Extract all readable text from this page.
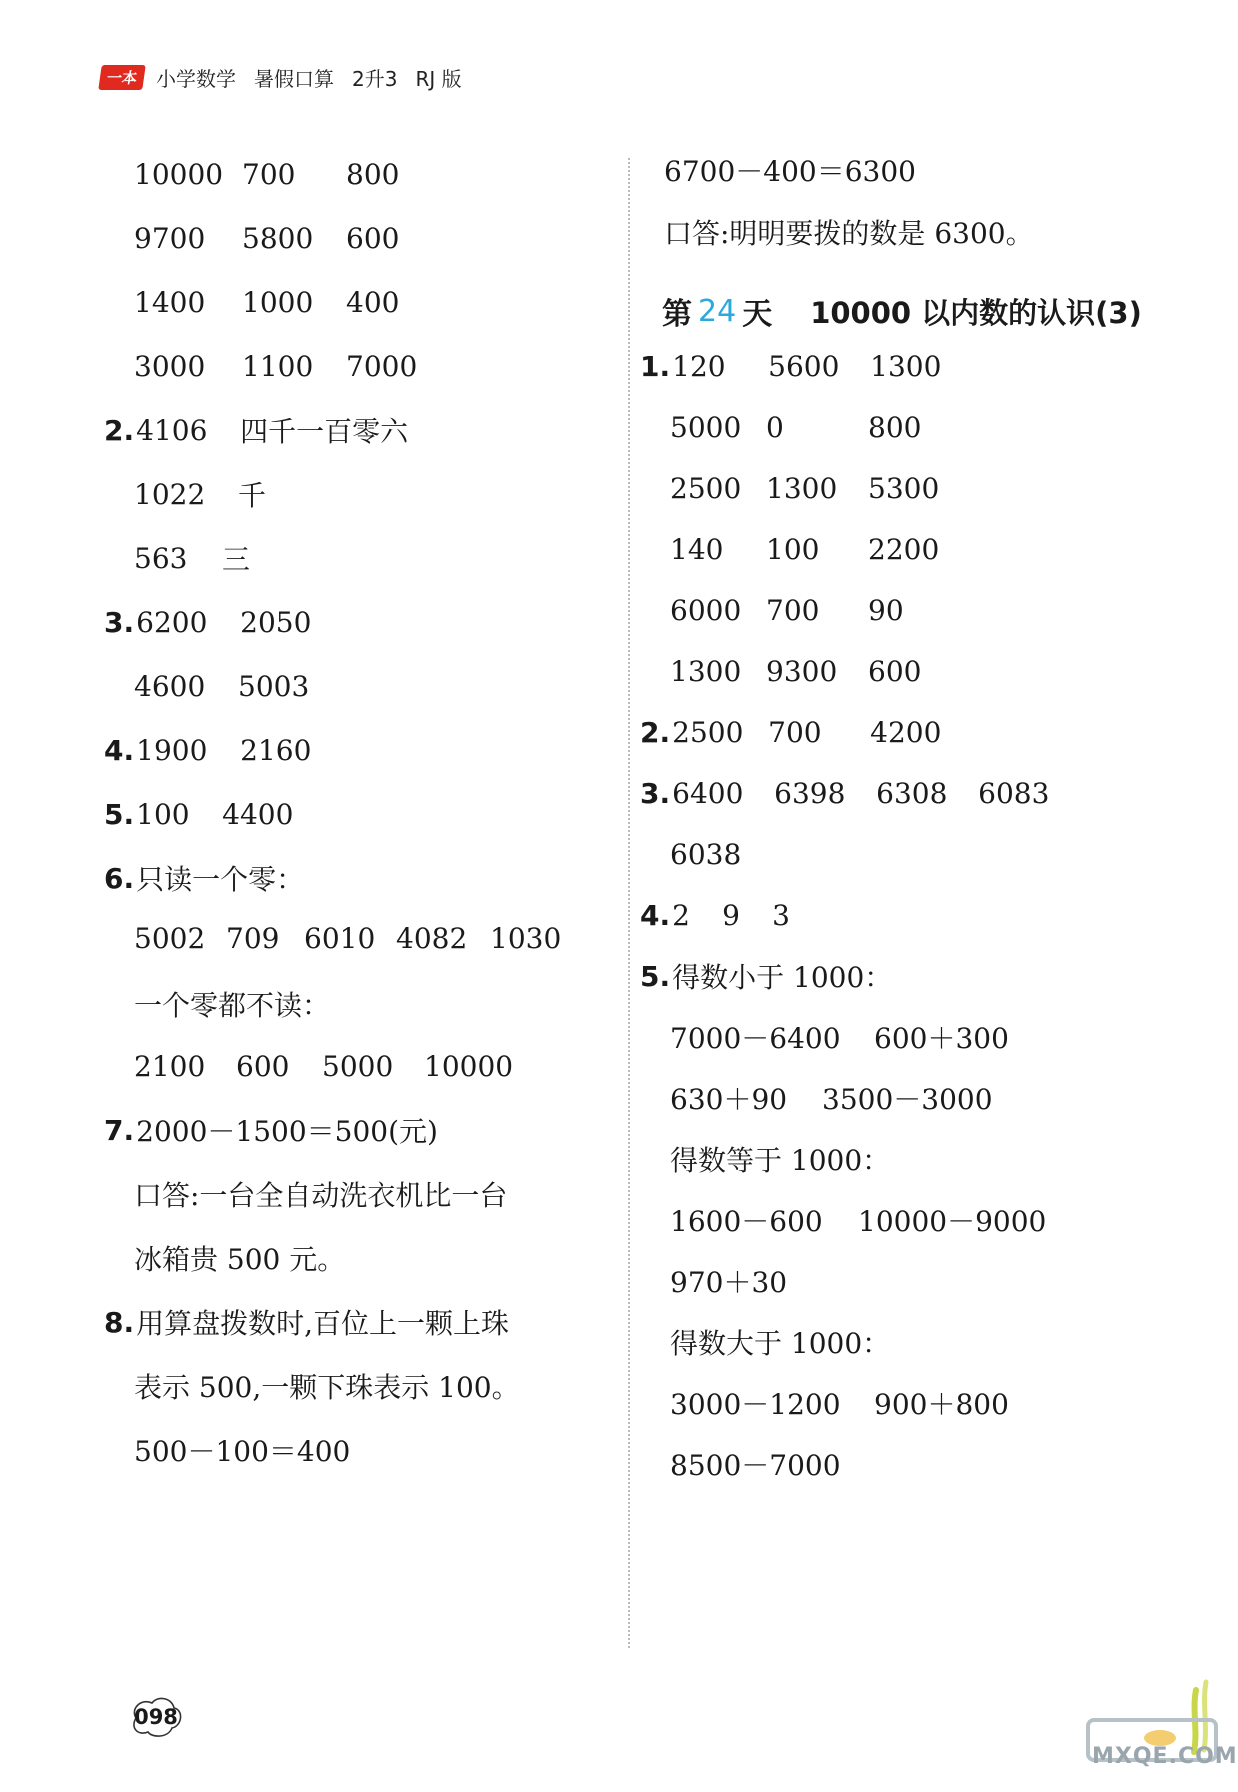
一本 小学数学 暑假口算 2升3 RJ 版
10000 700	800
9700	5800	600
1400	1000	400
3000	1100	7000
2. 4106	四千一百零六
1022	千
563	三
3. 6200	2050
4600	5003
4. 1900	2160
5. 100	4400
6. 只读一个零：
5002 709 6010 4082 1030
一个零都不读：
2100	600	5000	10000
7. 2000－1500＝500(元)
口答:一台全自动洗衣机比一台
冰箱贵 500 元。
8. 用算盘拨数时,百位上一颗上珠
表示 500,一颗下珠表示 100。
500－100＝400
6700－400＝6300
口答:明明要拨的数是 6300。
1. 120	5600	1300
5000 0	800
2500 1300	5300
140	100	2200
6000 700	90
1300 9300	600
2. 2500 700	4200
3. 6400	6398	6308	6083
6038
4. 2	9	3
5. 得数小于 1000：
7000－6400	600＋300
630＋90	3500－3000
得数等于 1000：
1600－600	10000－9000
970＋30
得数大于 1000：
3000－1200	900＋800
8500－7000
第 24 天 10000 以内数的认识(3)
098
MXQE.COM
